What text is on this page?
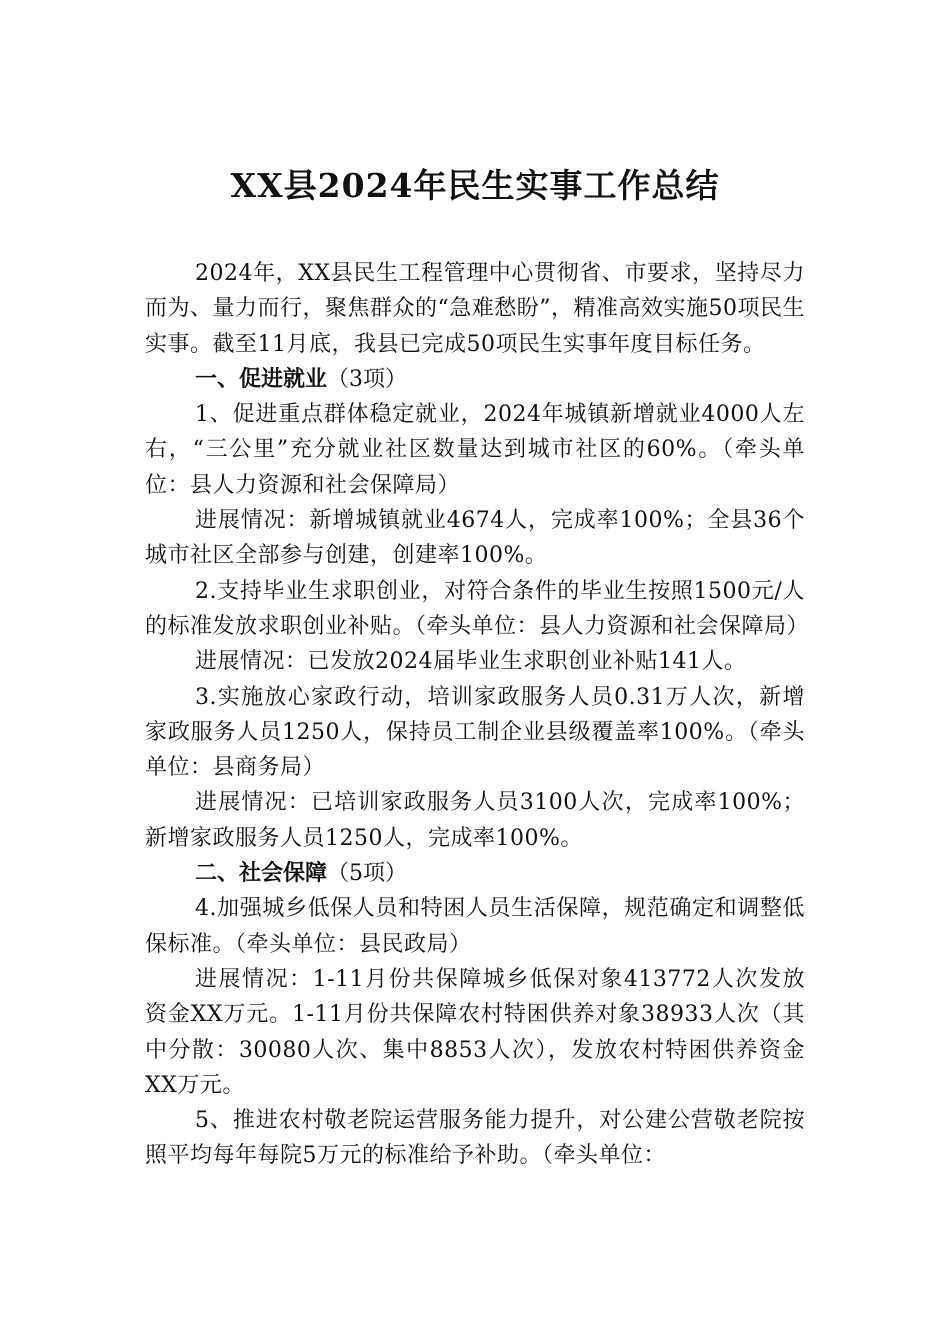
XX县2024年民生实事工作总结

2024年，XX县民生工程管理中心贯彻省、市要求，坚持尽力而为、量力而行，聚焦群众的“急难愁盼”，精准高效实施50项民生实事。截至11月底，我县已完成50项民生实事年度目标任务。

一、促进就业（3项）

1、促进重点群体稳定就业，2024年城镇新增就业4000人左右，“三公里”充分就业社区数量达到城市社区的60%。（牵头单位：县人力资源和社会保障局）

进展情况：新增城镇就业4674人，完成率100%；全县36个城市社区全部参与创建，创建率100%。

2.支持毕业生求职创业，对符合条件的毕业生按照1500元/人的标准发放求职创业补贴。（牵头单位：县人力资源和社会保障局）

进展情况：已发放2024届毕业生求职创业补贴141人。

3.实施放心家政行动，培训家政服务人员0.31万人次，新增家政服务人员1250人，保持员工制企业县级覆盖率100%。（牵头单位：县商务局）

进展情况：已培训家政服务人员3100人次，完成率100%；新增家政服务人员1250人，完成率100%。

二、社会保障（5项）

4.加强城乡低保人员和特困人员生活保障，规范确定和调整低保标准。（牵头单位：县民政局）

进展情况：1-11月份共保障城乡低保对象413772人次发放资金XX万元。1-11月份共保障农村特困供养对象38933人次（其中分散：30080人次、集中8853人次），发放农村特困供养资金XX万元。

5、推进农村敬老院运营服务能力提升，对公建公营敬老院按照平均每年每院5万元的标准给予补助。（牵头单位：
